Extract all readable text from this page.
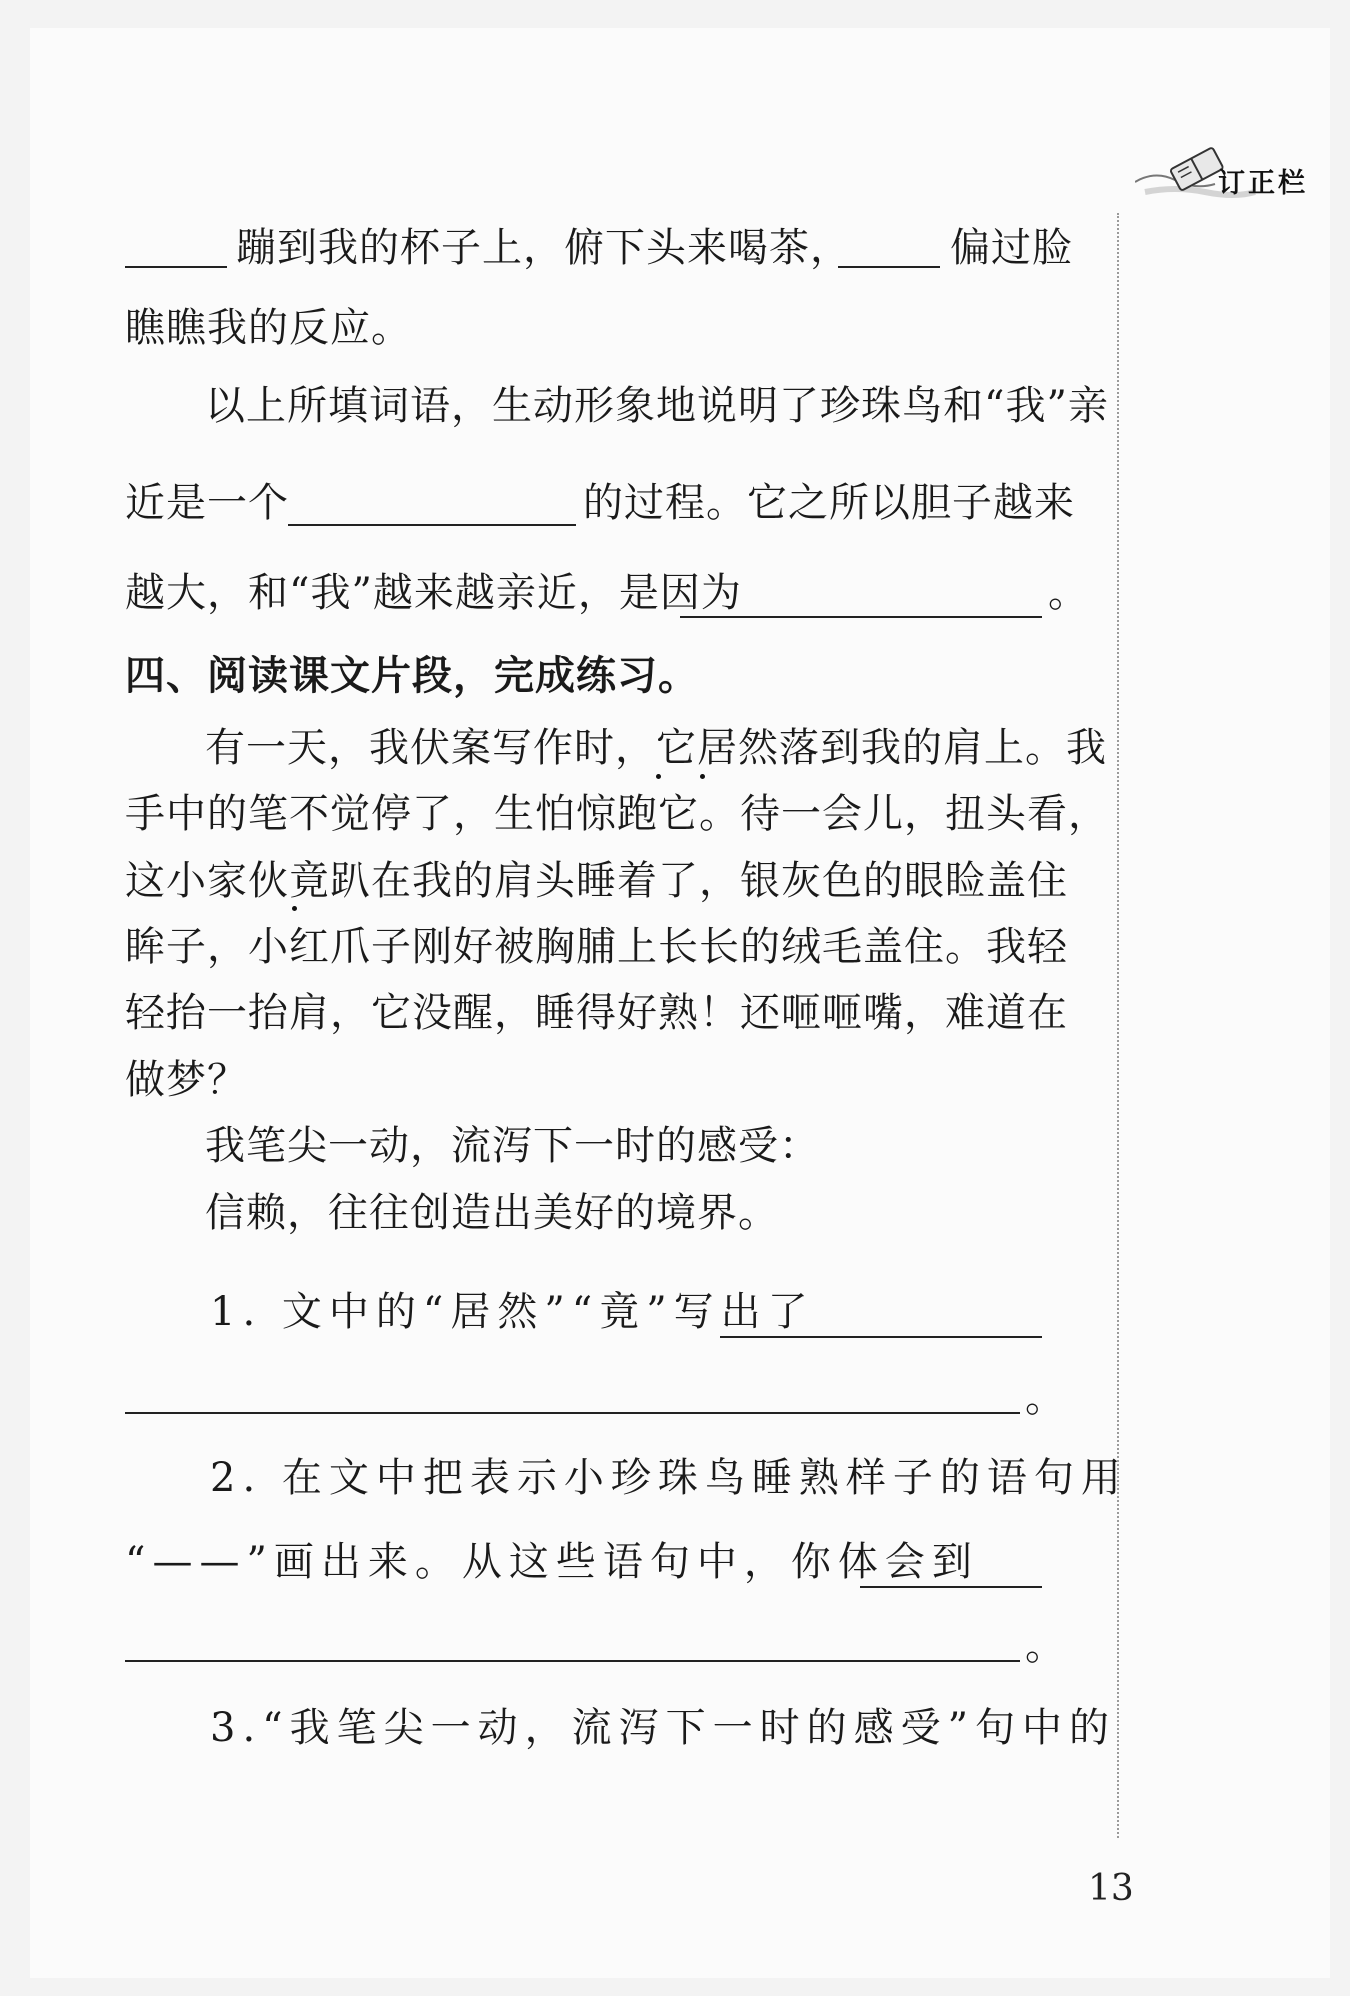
订正栏
蹦到我的杯子上，俯下头来喝茶， 偏过脸
瞧瞧我的反应。
以上所填词语，生动形象地说明了珍珠鸟和“我”亲
近是一个	的过程。它之所以胆子越来
越大，和“我”越来越亲近，是因为	。
四、阅读课文片段，完成练习。
有一天，我伏案写作时，它居然落到我的肩上。我
手中的笔不觉停了，生怕惊跑它。待一会儿，扭头看，
这小家伙竟趴在我的肩头睡着了，银灰色的眼睑盖住
眸子，小红爪子刚好被胸脯上长长的绒毛盖住。我轻
轻抬一抬肩，它没醒，睡得好熟！还咂咂嘴，难道在
做梦？
我笔尖一动，流泻下一时的感受：
信赖，往往创造出美好的境界。
1. 文中的“居然”“竟”写出了
。
2. 在文中把表示小珍珠鸟睡熟样子的语句用
“——”画出来。从这些语句中，你体会到
。
3.“我笔尖一动，流泻下一时的感受”句中的
13
